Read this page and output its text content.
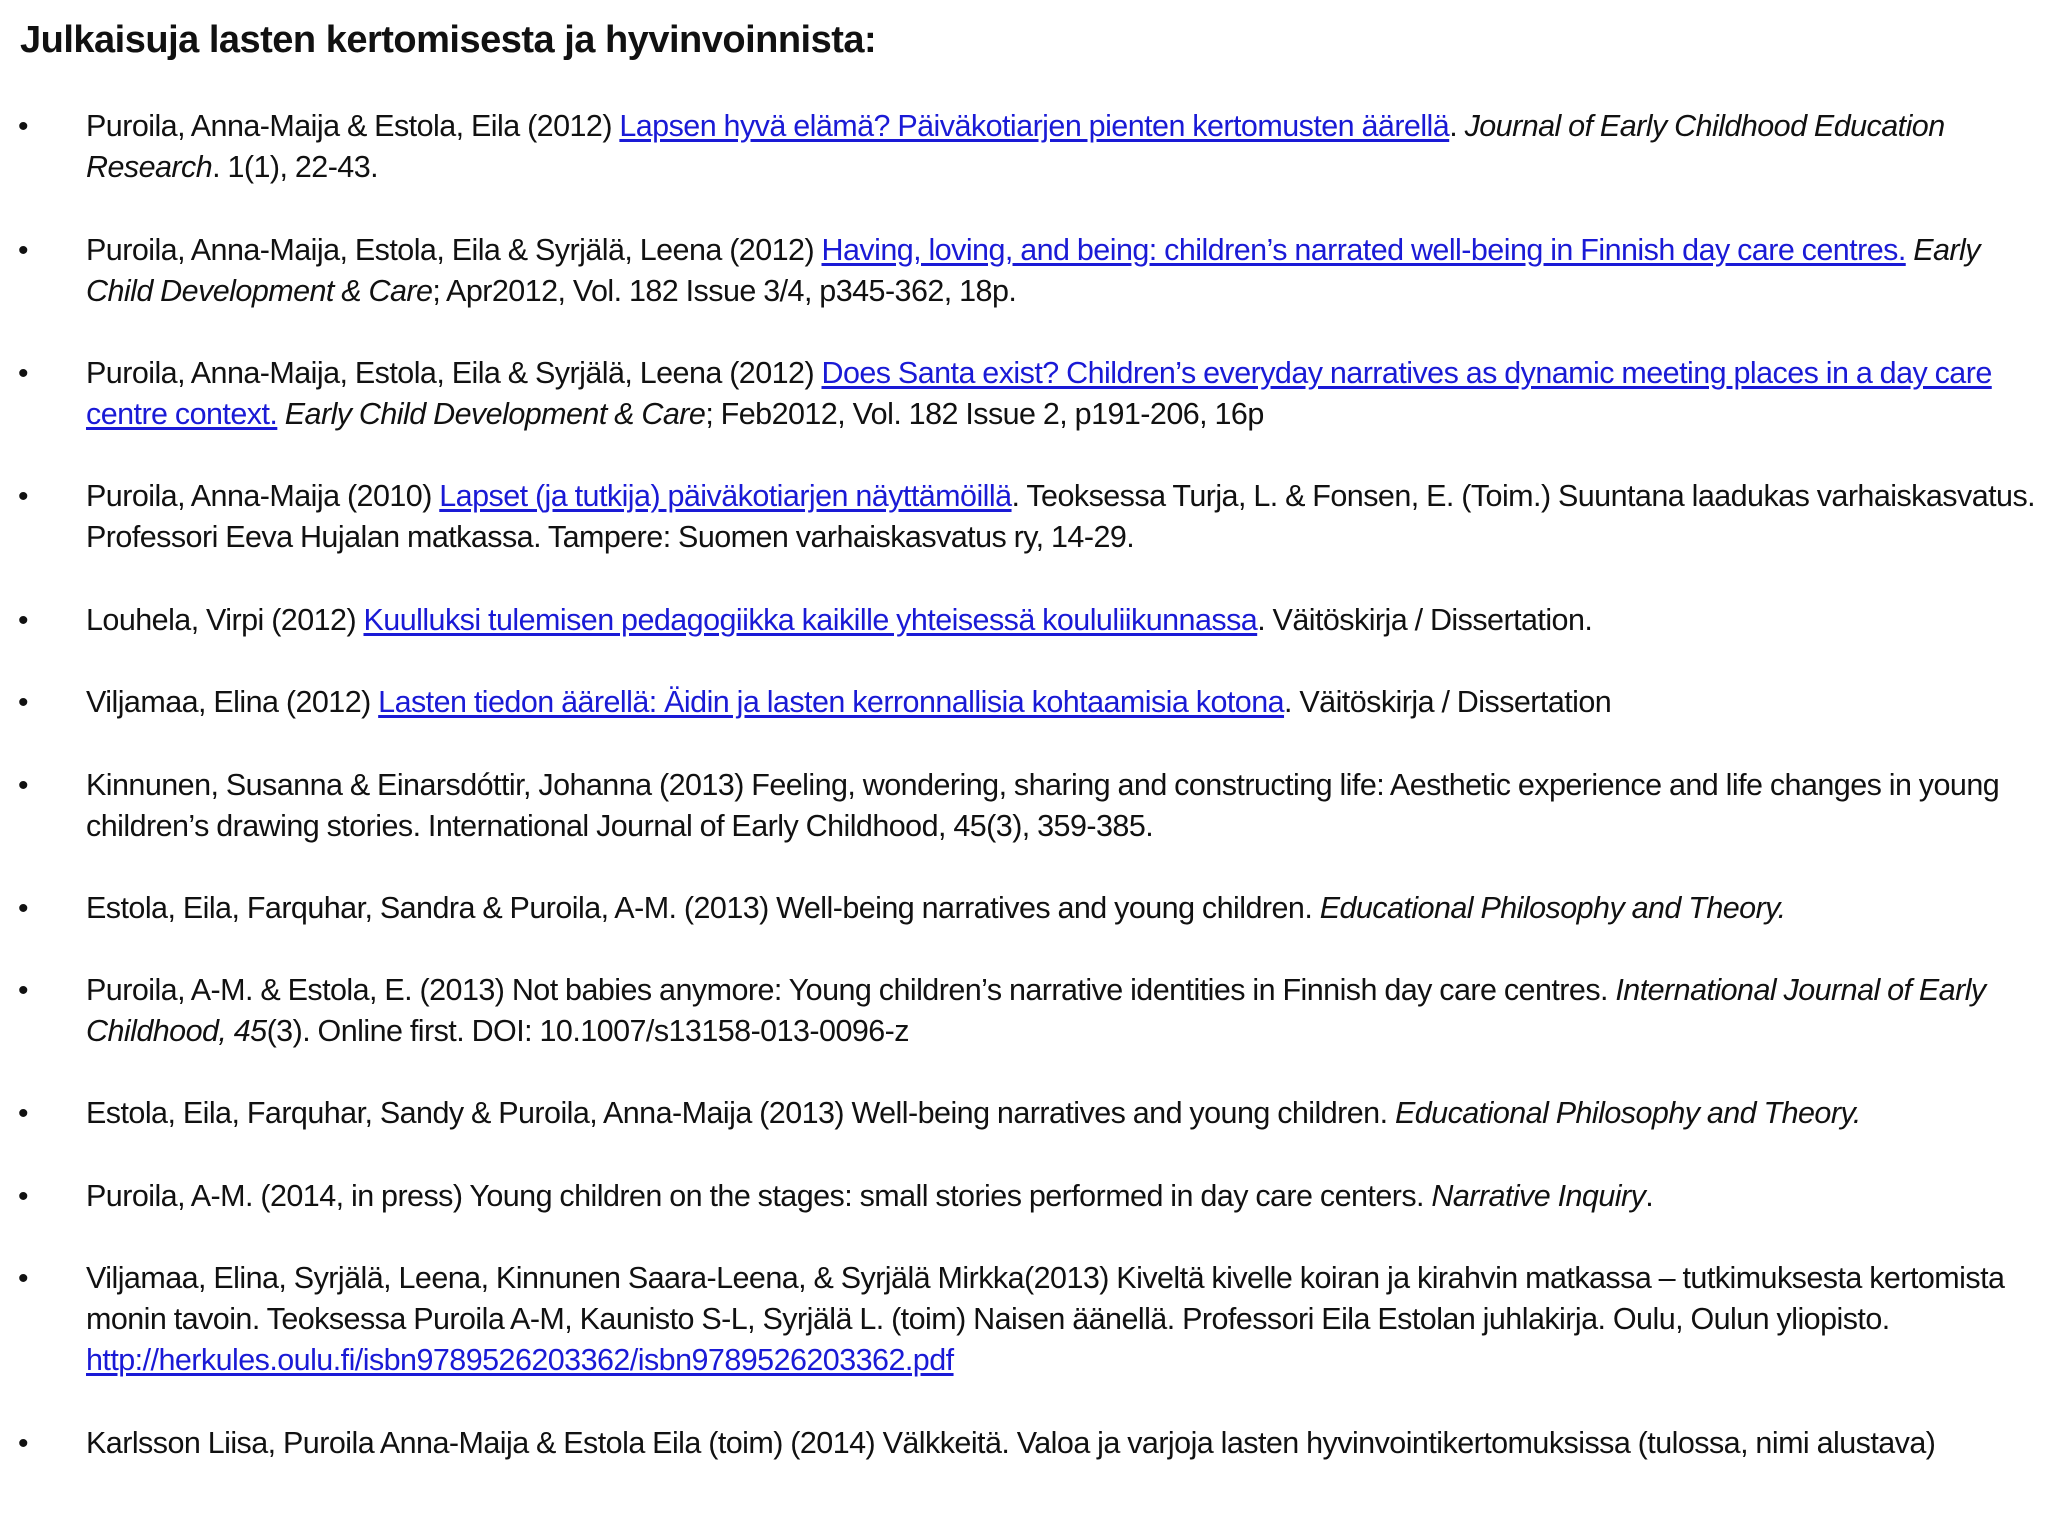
Julkaisuja lasten kertomisesta ja hyvinvoinnista:
• Puroila, Anna-Maija & Estola, Eila (2012) Lapsen hyvä elämä? Päiväkotiarjen pienten kertomusten äärellä. Journal of Early Childhood Education Research. 1(1), 22-43.
• Puroila, Anna-Maija, Estola, Eila & Syrjälä, Leena (2012) Having, loving, and being: children’s narrated well-being in Finnish day care centres. Early Child Development & Care; Apr2012, Vol. 182 Issue 3/4, p345-362, 18p.
• Puroila, Anna-Maija, Estola, Eila & Syrjälä, Leena (2012) Does Santa exist? Children’s everyday narratives as dynamic meeting places in a day care centre context. Early Child Development & Care; Feb2012, Vol. 182 Issue 2, p191-206, 16p
• Puroila, Anna-Maija (2010) Lapset (ja tutkija) päiväkotiarjen näyttämöillä. Teoksessa Turja, L. & Fonsen, E. (Toim.) Suuntana laadukas varhaiskasvatus. Professori Eeva Hujalan matkassa. Tampere: Suomen varhaiskasvatus ry, 14-29.
• Louhela, Virpi (2012) Kuulluksi tulemisen pedagogiikka kaikille yhteisessä koululiikunnassa. Väitöskirja / Dissertation.
• Viljamaa, Elina (2012) Lasten tiedon äärellä: Äidin ja lasten kerronnallisia kohtaamisia kotona. Väitöskirja / Dissertation
• Kinnunen, Susanna & Einarsdóttir, Johanna (2013) Feeling, wondering, sharing and constructing life: Aesthetic experience and life changes in young children’s drawing stories. International Journal of Early Childhood, 45(3), 359-385.
• Estola, Eila, Farquhar, Sandra & Puroila, A-M. (2013) Well-being narratives and young children. Educational Philosophy and Theory.
• Puroila, A-M. & Estola, E. (2013) Not babies anymore: Young children’s narrative identities in Finnish day care centres. International Journal of Early Childhood, 45(3). Online first. DOI: 10.1007/s13158-013-0096-z
• Estola, Eila, Farquhar, Sandy & Puroila, Anna-Maija (2013) Well-being narratives and young children. Educational Philosophy and Theory.
• Puroila, A-M. (2014, in press) Young children on the stages: small stories performed in day care centers. Narrative Inquiry.
• Viljamaa, Elina, Syrjälä, Leena, Kinnunen Saara-Leena, & Syrjälä Mirkka(2013) Kiveltä kivelle koiran ja kirahvin matkassa – tutkimuksesta kertomista monin tavoin. Teoksessa Puroila A-M, Kaunisto S-L, Syrjälä L. (toim) Naisen äänellä. Professori Eila Estolan juhlakirja. Oulu, Oulun yliopisto. http://herkules.oulu.fi/isbn9789526203362/isbn9789526203362.pdf
• Karlsson Liisa, Puroila Anna-Maija & Estola Eila (toim) (2014) Välkkeitä. Valoa ja varjoja lasten hyvinvointikertomuksissa (tulossa, nimi alustava)
